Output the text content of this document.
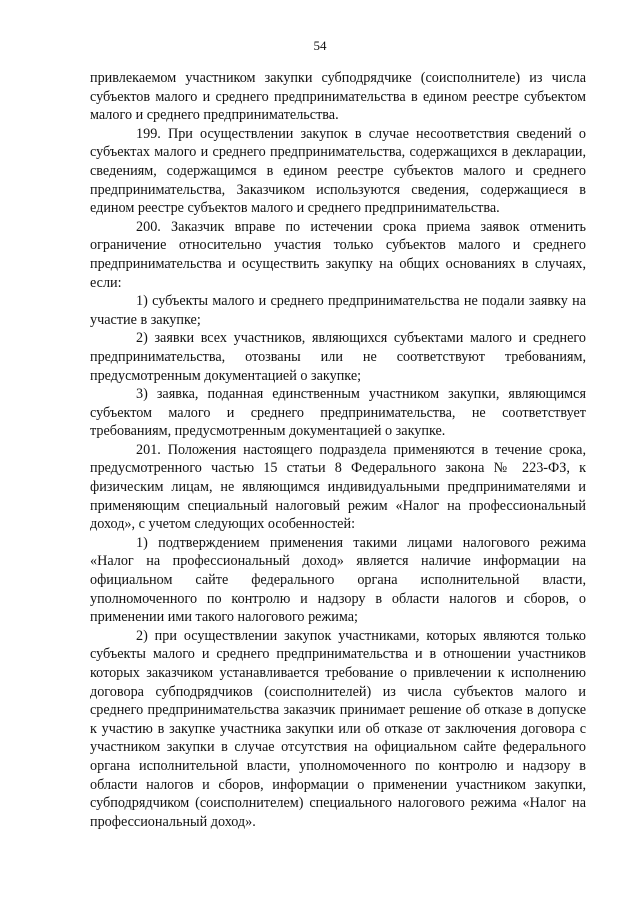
54

привлекаемом участником закупки субподрядчике (соисполнителе) из числа субъектов малого и среднего предпринимательства в едином реестре субъектом малого и среднего предпринимательства.

199. При осуществлении закупок в случае несоответствия сведений о субъектах малого и среднего предпринимательства, содержащихся в декларации, сведениям, содержащимся в едином реестре субъектов малого и среднего предпринимательства, Заказчиком используются сведения, содержащиеся в едином реестре субъектов малого и среднего предпринимательства.

200. Заказчик вправе по истечении срока приема заявок отменить ограничение относительно участия только субъектов малого и среднего предпринимательства и осуществить закупку на общих основаниях в случаях, если:

1) субъекты малого и среднего предпринимательства не подали заявку на участие в закупке;

2) заявки всех участников, являющихся субъектами малого и среднего предпринимательства, отозваны или не соответствуют требованиям, предусмотренным документацией о закупке;

3) заявка, поданная единственным участником закупки, являющимся субъектом малого и среднего предпринимательства, не соответствует требованиям, предусмотренным документацией о закупке.

201. Положения настоящего подраздела применяются в течение срока, предусмотренного частью 15 статьи 8 Федерального закона № 223-ФЗ, к физическим лицам, не являющимся индивидуальными предпринимателями и применяющим специальный налоговый режим «Налог на профессиональный доход», с учетом следующих особенностей:

1) подтверждением применения такими лицами налогового режима «Налог на профессиональный доход» является наличие информации на официальном сайте федерального органа исполнительной власти, уполномоченного по контролю и надзору в области налогов и сборов, о применении ими такого налогового режима;

2) при осуществлении закупок участниками, которых являются только субъекты малого и среднего предпринимательства и в отношении участников которых заказчиком устанавливается требование о привлечении к исполнению договора субподрядчиков (соисполнителей) из числа субъектов малого и среднего предпринимательства заказчик принимает решение об отказе в допуске к участию в закупке участника закупки или об отказе от заключения договора с участником закупки в случае отсутствия на официальном сайте федерального органа исполнительной власти, уполномоченного по контролю и надзору в области налогов и сборов, информации о применении участником закупки, субподрядчиком (соисполнителем) специального налогового режима «Налог на профессиональный доход».
